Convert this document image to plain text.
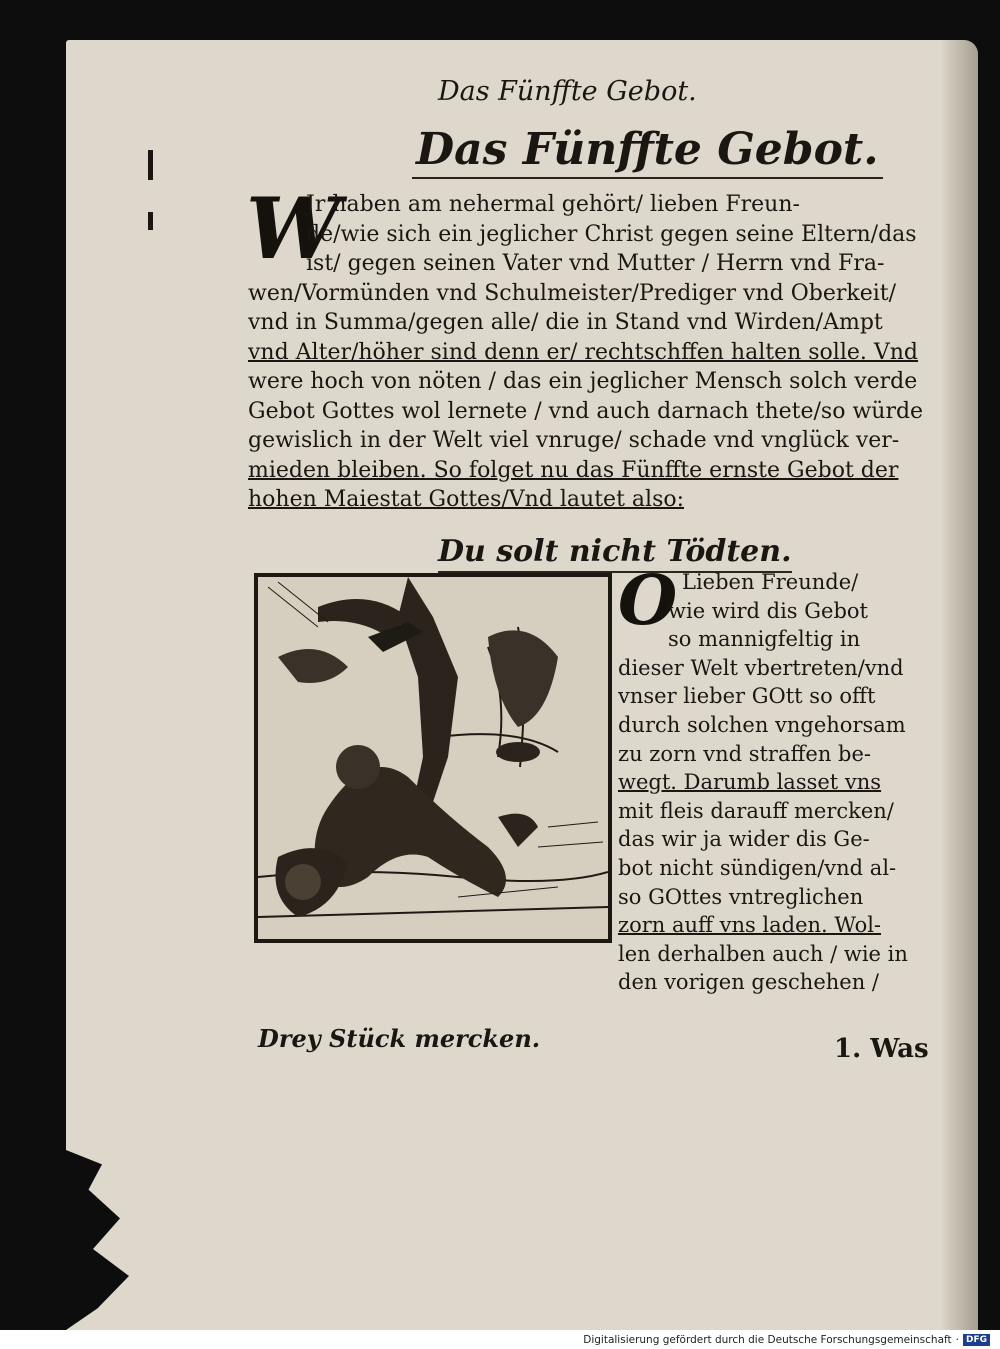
Das Fünffte Gebot.
Das Fünffte Gebot.
W
Jr haben am nehermal gehört/ lieben Freun-
de/wie sich ein jeglicher Christ gegen seine Eltern/das
ist/ gegen seinen Vater vnd Mutter / Herrn vnd Fra-
wen/Vormünden vnd Schulmeister/Prediger vnd Oberkeit/
vnd in Summa/gegen alle/ die in Stand vnd Wirden/Ampt
vnd Alter/höher sind denn er/ rechtschffen halten solle. Vnd
were hoch von nöten / das ein jeglicher Mensch solch verde
Gebot Gottes wol lernete / vnd auch darnach thete/so würde
gewislich in der Welt viel vnruge/ schade vnd vnglück ver-
mieden bleiben. So folget nu das Fünffte ernste Gebot der
hohen Maiestat Gottes/Vnd lautet also:
Du solt nicht Tödten.
O Lieben Freunde/
wie wird dis Gebot
so mannigfeltig in
dieser Welt vbertreten/vnd
vnser lieber GOtt so offt
durch solchen vngehorsam
zu zorn vnd straffen be-
wegt. Darumb lasset vns
mit fleis darauff mercken/
das wir ja wider dis Ge-
bot nicht sündigen/vnd al-
so GOttes vntreglichen
zorn auff vns laden. Wol-
len derhalben auch / wie in
den vorigen geschehen /
Drey Stück mercken.	1. Was
Digitalisierung gefördert durch die Deutsche Forschungsgemeinschaft · DFG
